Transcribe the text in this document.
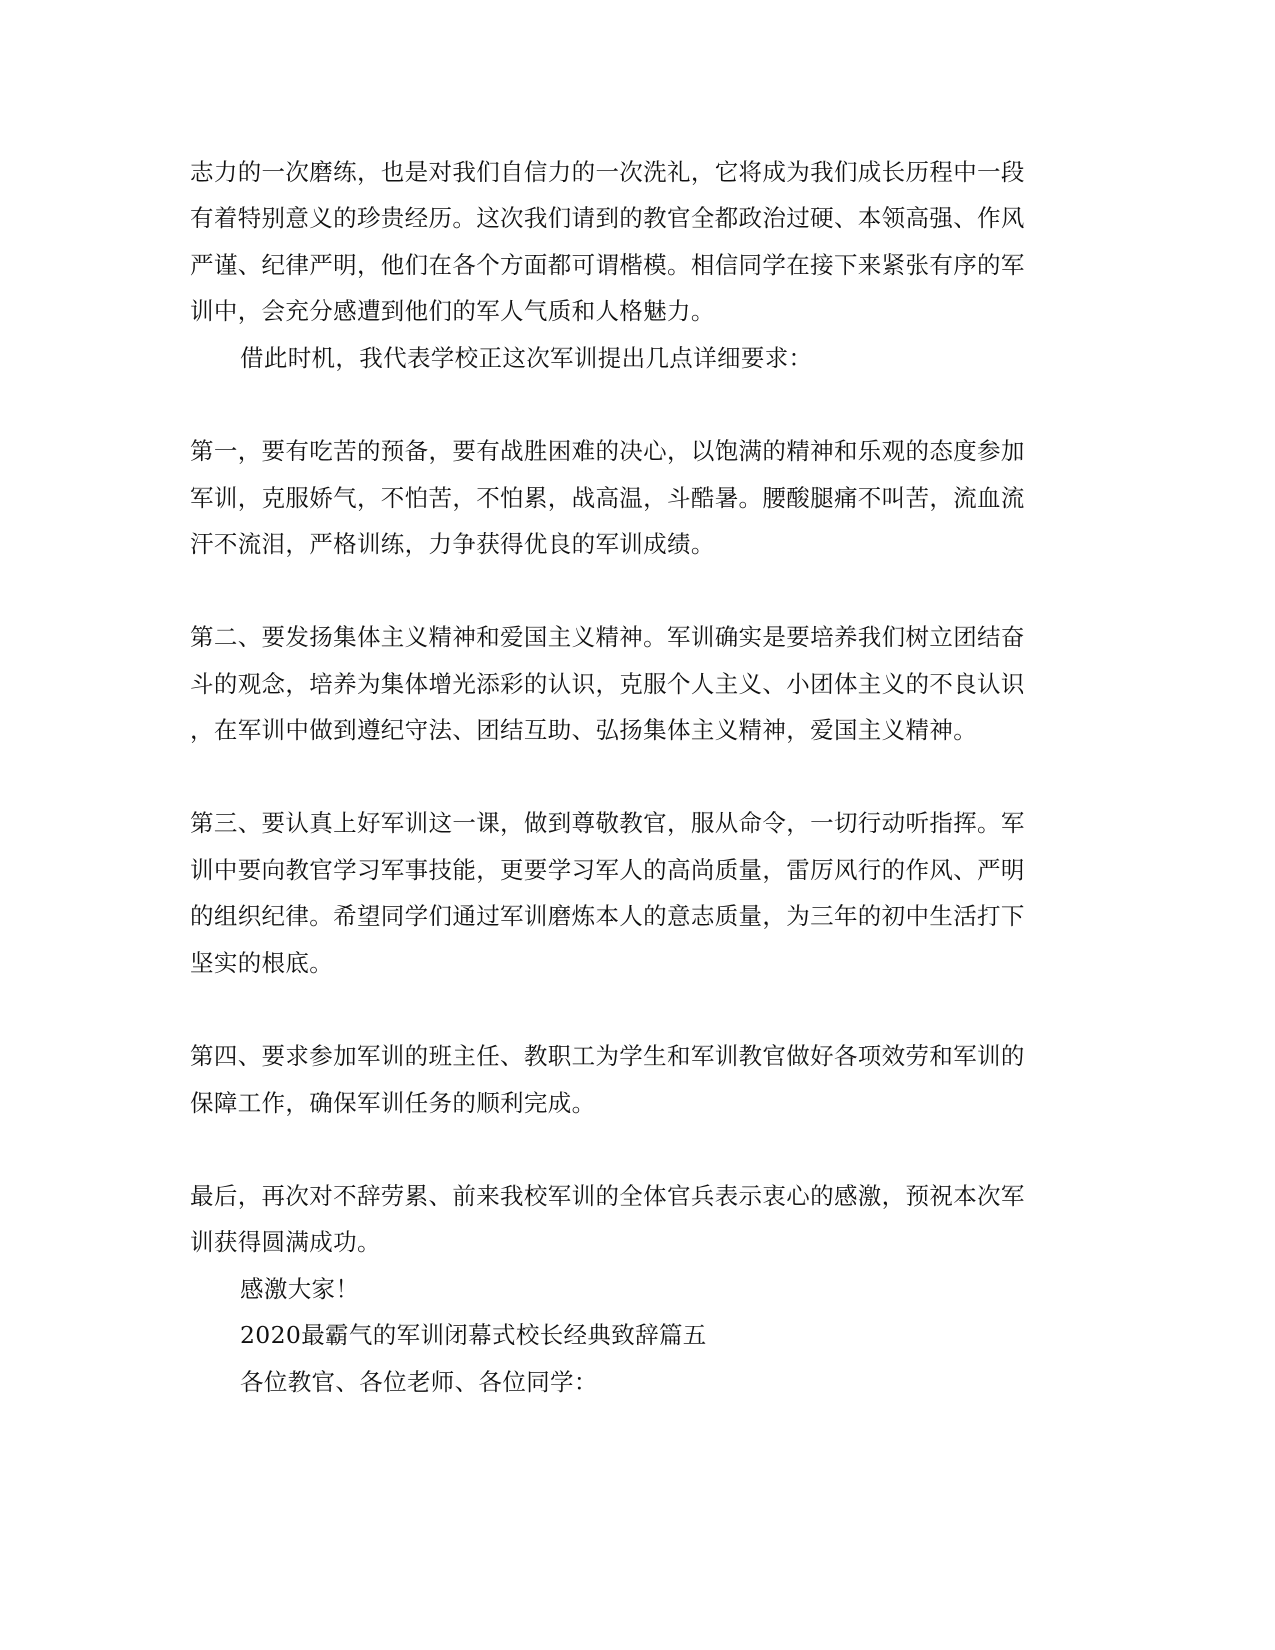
志力的一次磨练，也是对我们自信力的一次洗礼，它将成为我们成长历程中一段
有着特别意义的珍贵经历。这次我们请到的教官全都政治过硬、本领高强、作风
严谨、纪律严明，他们在各个方面都可谓楷模。相信同学在接下来紧张有序的军
训中，会充分感遭到他们的军人气质和人格魅力。
借此时机，我代表学校正这次军训提出几点详细要求：
第一，要有吃苦的预备，要有战胜困难的决心，以饱满的精神和乐观的态度参加
军训，克服娇气，不怕苦，不怕累，战高温，斗酷暑。腰酸腿痛不叫苦，流血流
汗不流泪，严格训练，力争获得优良的军训成绩。
第二、要发扬集体主义精神和爱国主义精神。军训确实是要培养我们树立团结奋
斗的观念，培养为集体增光添彩的认识，克服个人主义、小团体主义的不良认识
，在军训中做到遵纪守法、团结互助、弘扬集体主义精神，爱国主义精神。
第三、要认真上好军训这一课，做到尊敬教官，服从命令，一切行动听指挥。军
训中要向教官学习军事技能，更要学习军人的高尚质量，雷厉风行的作风、严明
的组织纪律。希望同学们通过军训磨炼本人的意志质量，为三年的初中生活打下
坚实的根底。
第四、要求参加军训的班主任、教职工为学生和军训教官做好各项效劳和军训的
保障工作，确保军训任务的顺利完成。
最后，再次对不辞劳累、前来我校军训的全体官兵表示衷心的感激，预祝本次军
训获得圆满成功。
感激大家！
2020最霸气的军训闭幕式校长经典致辞篇五
各位教官、各位老师、各位同学：
